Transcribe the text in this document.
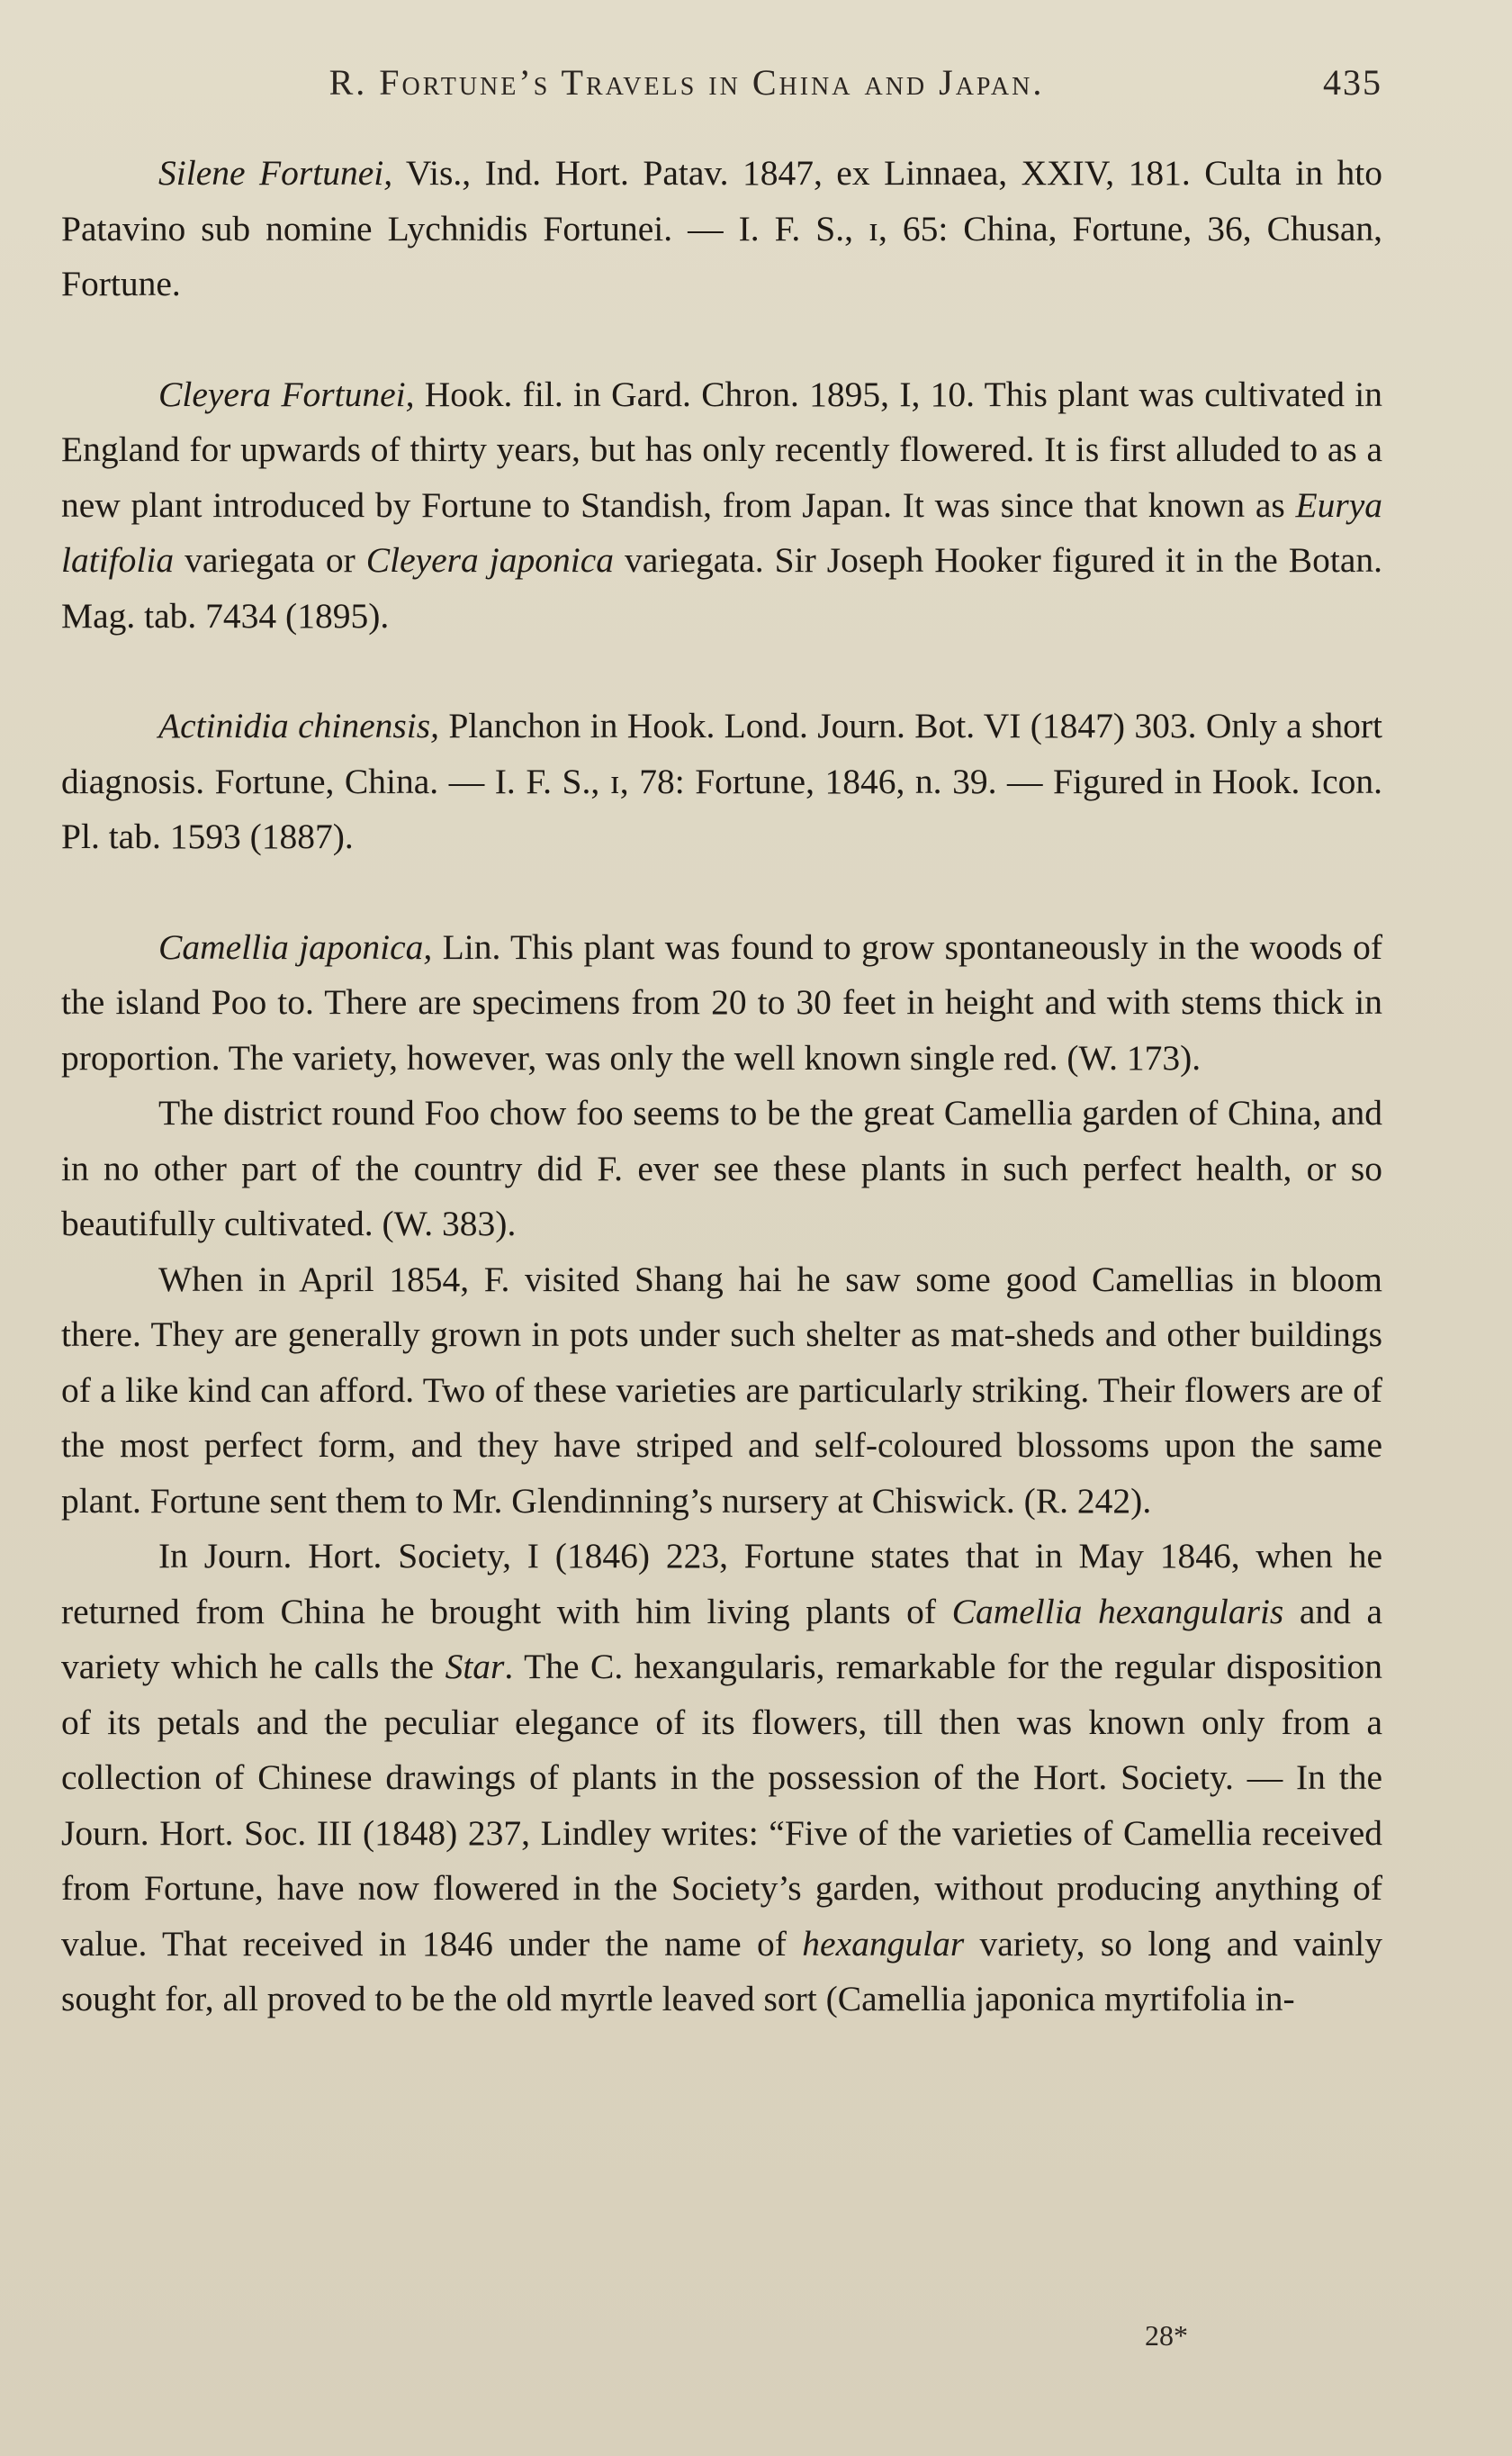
R. Fortune’s Travels in China and Japan.	435

Silene Fortunei, Vis., Ind. Hort. Patav. 1847, ex Linnaea, XXIV, 181. Culta in hto Patavino sub nomine Lychnidis Fortunei. — I. F. S., ɪ, 65: China, Fortune, 36, Chusan, Fortune.

Cleyera Fortunei, Hook. fil. in Gard. Chron. 1895, I, 10. This plant was cultivated in England for upwards of thirty years, but has only recently flowered. It is first alluded to as a new plant introduced by Fortune to Standish, from Japan. It was since that known as Eurya latifolia variegata or Cleyera japonica variegata. Sir Joseph Hooker figured it in the Botan. Mag. tab. 7434 (1895).

Actinidia chinensis, Planchon in Hook. Lond. Journ. Bot. VI (1847) 303. Only a short diagnosis. Fortune, China. — I. F. S., ɪ, 78: Fortune, 1846, n. 39. — Figured in Hook. Icon. Pl. tab. 1593 (1887).

Camellia japonica, Lin. This plant was found to grow spontaneously in the woods of the island Poo to. There are specimens from 20 to 30 feet in height and with stems thick in proportion. The variety, however, was only the well known single red. (W. 173).

The district round Foo chow foo seems to be the great Camellia garden of China, and in no other part of the country did F. ever see these plants in such perfect health, or so beautifully cultivated. (W. 383).

When in April 1854, F. visited Shang hai he saw some good Camellias in bloom there. They are generally grown in pots under such shelter as mat-sheds and other buildings of a like kind can afford. Two of these varieties are particularly striking. Their flowers are of the most perfect form, and they have striped and self-coloured blossoms upon the same plant. Fortune sent them to Mr. Glendinning’s nursery at Chiswick. (R. 242).

In Journ. Hort. Society, I (1846) 223, Fortune states that in May 1846, when he returned from China he brought with him living plants of Camellia hexangularis and a variety which he calls the Star. The C. hexangularis, remarkable for the regular disposition of its petals and the peculiar elegance of its flowers, till then was known only from a collection of Chinese drawings of plants in the possession of the Hort. Society. — In the Journ. Hort. Soc. III (1848) 237, Lindley writes: “Five of the varieties of Camellia received from Fortune, have now flowered in the Society’s garden, without producing anything of value. That received in 1846 under the name of hexangular variety, so long and vainly sought for, all proved to be the old myrtle leaved sort (Camellia japonica myrtifolia in-

28*
